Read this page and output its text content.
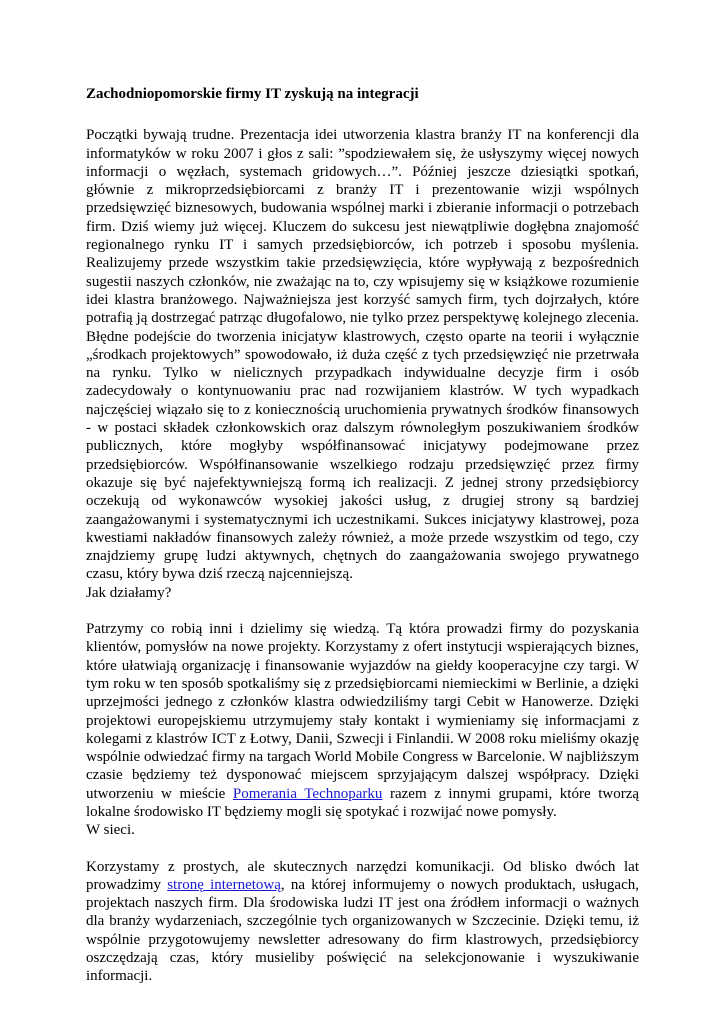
Zachodniopomorskie firmy IT zyskują na integracji

Początki bywają trudne. Prezentacja idei utworzenia klastra branży IT na konferencji dla informatyków w roku 2007 i głos z sali: ”spodziewałem się, że usłyszymy więcej nowych informacji o węzłach, systemach gridowych…”. Później jeszcze dziesiątki spotkań, głównie z mikroprzedsiębiorcami z branży IT i prezentowanie wizji wspólnych przedsięwzięć biznesowych, budowania wspólnej marki i zbieranie informacji o potrzebach firm. Dziś wiemy już więcej. Kluczem do sukcesu jest niewątpliwie dogłębna znajomość regionalnego rynku IT i samych przedsiębiorców, ich potrzeb i sposobu myślenia. Realizujemy przede wszystkim takie przedsięwzięcia, które wypływają z bezpośrednich sugestii naszych członków, nie zważając na to, czy wpisujemy się w książkowe rozumienie idei klastra branżowego. Najważniejsza jest korzyść samych firm, tych dojrzałych, które potrafią ją dostrzegać patrząc długofalowo, nie tylko przez perspektywę kolejnego zlecenia. Błędne podejście do tworzenia inicjatyw klastrowych, często oparte na teorii i wyłącznie „środkach projektowych” spowodowało, iż duża część z tych przedsięwzięć nie przetrwała na rynku. Tylko w nielicznych przypadkach indywidualne decyzje firm i osób zadecydowały o kontynuowaniu prac nad rozwijaniem klastrów. W tych wypadkach najczęściej wiązało się to z koniecznością uruchomienia prywatnych środków finansowych - w postaci składek członkowskich oraz dalszym równoległym poszukiwaniem środków publicznych, które mogłyby współfinansować inicjatywy podejmowane przez przedsiębiorców. Współfinansowanie wszelkiego rodzaju przedsięwzięć przez firmy okazuje się być najefektywniejszą formą ich realizacji. Z jednej strony przedsiębiorcy oczekują od wykonawców wysokiej jakości usług, z drugiej strony są bardziej zaangażowanymi i systematycznymi ich uczestnikami. Sukces inicjatywy klastrowej, poza kwestiami nakładów finansowych zależy również, a może przede wszystkim od tego, czy znajdziemy grupę ludzi aktywnych, chętnych do zaangażowania swojego prywatnego czasu, który bywa dziś rzeczą najcenniejszą.

Jak działamy?

Patrzymy co robią inni i dzielimy się wiedzą. Tą która prowadzi firmy do pozyskania klientów, pomysłów na nowe projekty. Korzystamy z ofert instytucji wspierających biznes, które ułatwiają organizację i finansowanie wyjazdów na giełdy kooperacyjne czy targi. W tym roku w ten sposób spotkaliśmy się z przedsiębiorcami niemieckimi w Berlinie, a dzięki uprzejmości jednego z członków klastra odwiedziliśmy targi Cebit w Hanowerze. Dzięki projektowi europejskiemu utrzymujemy stały kontakt i wymieniamy się informacjami z kolegami z klastrów ICT z Łotwy, Danii, Szwecji i Finlandii. W 2008 roku mieliśmy okazję wspólnie odwiedzać firmy na targach World Mobile Congress w Barcelonie. W najbliższym czasie będziemy też dysponować miejscem sprzyjającym dalszej współpracy. Dzięki utworzeniu w mieście Pomerania Technoparku razem z innymi grupami, które tworzą lokalne środowisko IT będziemy mogli się spotykać i rozwijać nowe pomysły.

W sieci.

Korzystamy z prostych, ale skutecznych narzędzi komunikacji. Od blisko dwóch lat prowadzimy stronę internetową, na której informujemy o nowych produktach, usługach, projektach naszych firm. Dla środowiska ludzi IT jest ona źródłem informacji o ważnych dla branży wydarzeniach, szczególnie tych organizowanych w Szczecinie. Dzięki temu, iż wspólnie przygotowujemy newsletter adresowany do firm klastrowych, przedsiębiorcy oszczędzają czas, który musieliby poświęcić na selekcjonowanie i wyszukiwanie informacji.
